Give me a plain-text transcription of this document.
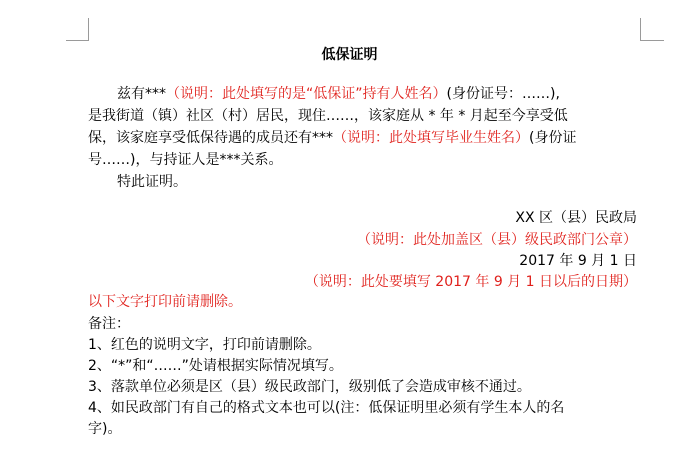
低保证明
兹有***（说明：此处填写的是“低保证”持有人姓名）(身份证号：……),
是我街道（镇）社区（村）居民，现住……，该家庭从 * 年 * 月起至今享受低
保，该家庭享受低保待遇的成员还有***（说明：此处填写毕业生姓名）(身份证
号……)，与持证人是***关系。
特此证明。
XX 区（县）民政局
（说明：此处加盖区（县）级民政部门公章）
2017 年 9 月 1 日
（说明：此处要填写 2017 年 9 月 1 日以后的日期）
以下文字打印前请删除。
备注：
1、红色的说明文字，打印前请删除。
2、“*”和“……”处请根据实际情况填写。
3、落款单位必须是区（县）级民政部门，级别低了会造成审核不通过。
4、如民政部门有自己的格式文本也可以(注：低保证明里必须有学生本人的名
字)。
